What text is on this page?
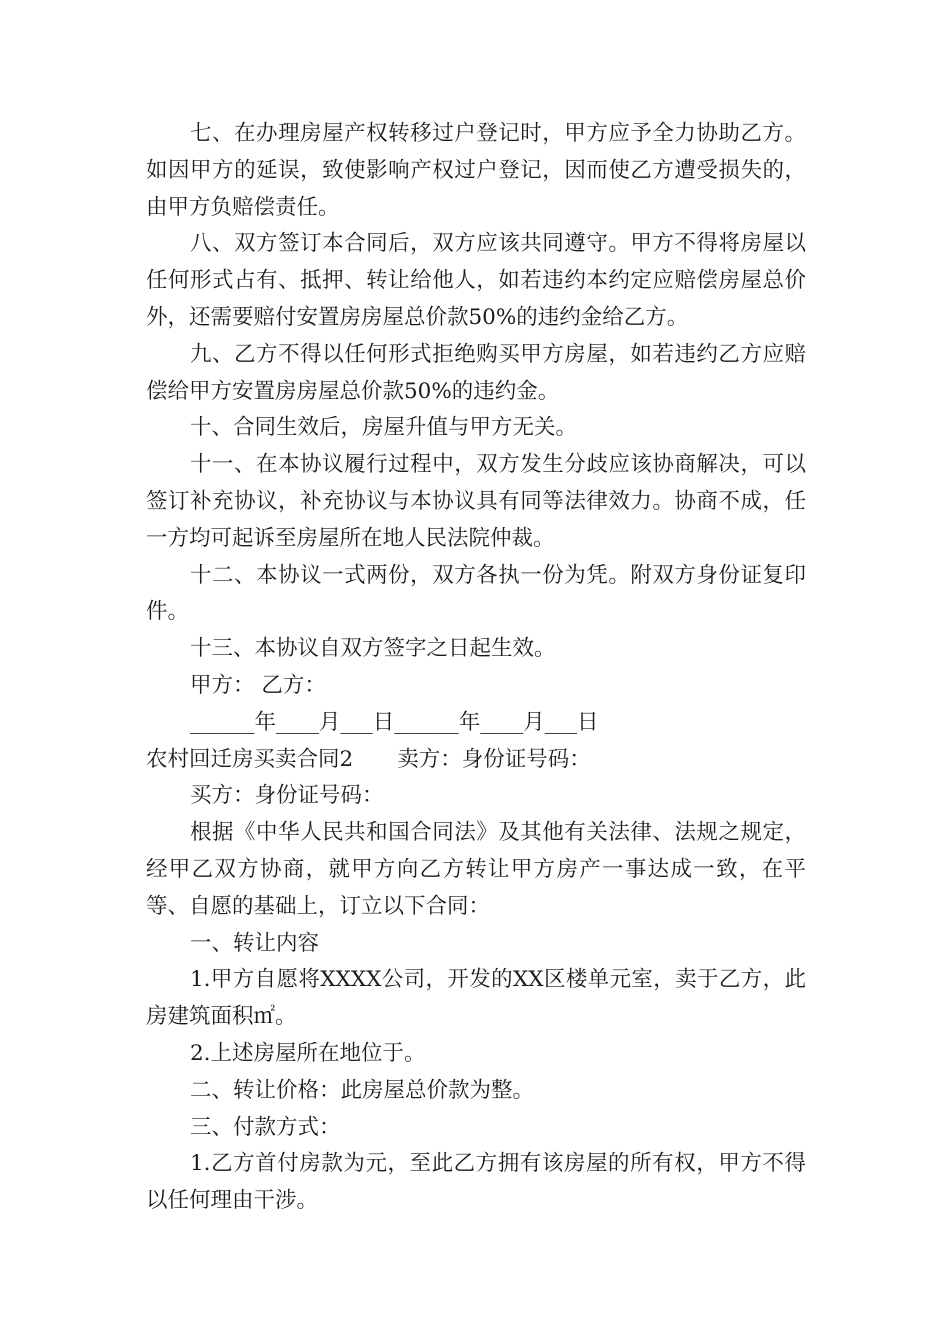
七、在办理房屋产权转移过户登记时，甲方应予全力协助乙方。如因甲方的延误，致使影响产权过户登记，因而使乙方遭受损失的，由甲方负赔偿责任。

八、双方签订本合同后，双方应该共同遵守。甲方不得将房屋以任何形式占有、抵押、转让给他人，如若违约本约定应赔偿房屋总价外，还需要赔付安置房房屋总价款50%的违约金给乙方。

九、乙方不得以任何形式拒绝购买甲方房屋，如若违约乙方应赔偿给甲方安置房房屋总价款50%的违约金。

十、合同生效后，房屋升值与甲方无关。

十一、在本协议履行过程中，双方发生分歧应该协商解决，可以签订补充协议，补充协议与本协议具有同等法律效力。协商不成，任一方均可起诉至房屋所在地人民法院仲裁。

十二、本协议一式两份，双方各执一份为凭。附双方身份证复印件。

十三、本协议自双方签字之日起生效。

甲方： 乙方：

______年____月___日______年____月___日

农村回迁房买卖合同2 卖方：身份证号码：

买方：身份证号码：

根据《中华人民共和国合同法》及其他有关法律、法规之规定，经甲乙双方协商，就甲方向乙方转让甲方房产一事达成一致，在平等、自愿的基础上，订立以下合同：

一、转让内容

1.甲方自愿将XXXX公司，开发的XX区楼单元室，卖于乙方，此房建筑面积㎡。

2.上述房屋所在地位于。

二、转让价格：此房屋总价款为整。

三、付款方式：

1.乙方首付房款为元，至此乙方拥有该房屋的所有权，甲方不得以任何理由干涉。
